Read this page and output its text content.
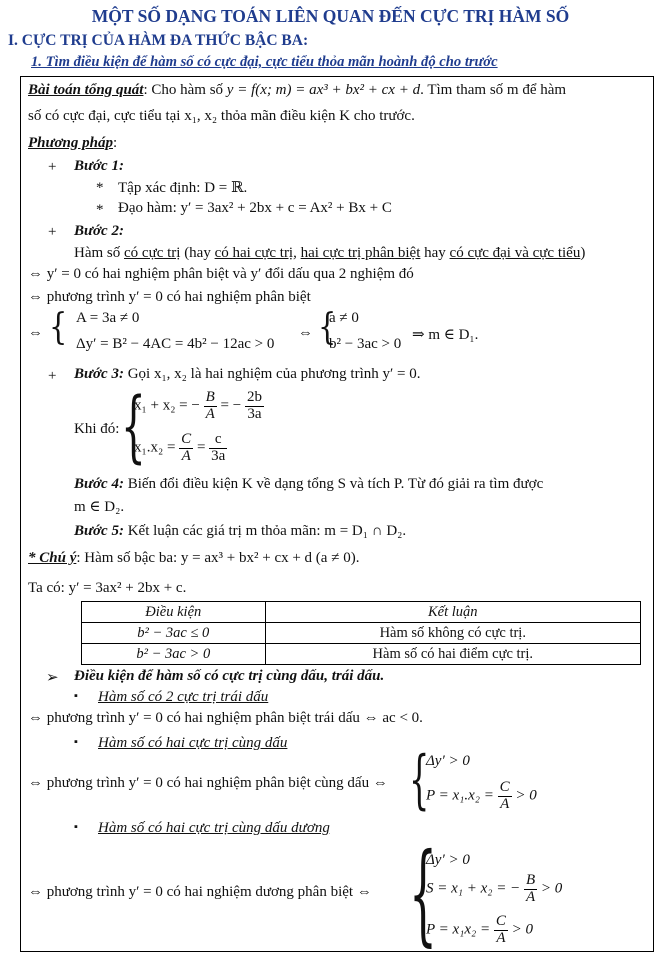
MỘT SỐ DẠNG TOÁN LIÊN QUAN ĐẾN CỰC TRỊ HÀM SỐ
I. CỰC TRỊ CỦA HÀM ĐA THỨC BẬC BA:
1. Tìm điều kiện để hàm số có cực đại, cực tiểu thỏa mãn hoành độ cho trước
Bài toán tổng quát: Cho hàm số y = f(x; m) = ax³ + bx² + cx + d. Tìm tham số m để hàm
số có cực đại, cực tiểu tại x₁, x₂ thỏa mãn điều kiện K cho trước.
Phương pháp:
+ Bước 1:
* Tập xác định: D = ℝ.
* Đạo hàm: y′ = 3ax² + 2bx + c = Ax² + Bx + C
+ Bước 2:
Hàm số có cực trị (hay có hai cực trị, hai cực trị phân biệt hay có cực đại và cực tiểu)
⇔ y′ = 0 có hai nghiệm phân biệt và y′ đổi dấu qua 2 nghiệm đó
⇔ phương trình y′ = 0 có hai nghiệm phân biệt
⇔ { A = 3a ≠ 0
Δy′ = B² − 4AC = 4b² − 12ac > 0
⇔ {
a ≠ 0
b² − 3ac > 0
⇒ m ∈ D₁.
+ Bước 3: Gọi x₁, x₂ là hai nghiệm của phương trình y′ = 0.
Khi đó: {
x₁ + x₂ = − $\frac{B}{A}$ = − $\frac{2b}{3a}$
$x_1.x_2 = \frac{C}{A} = \frac{c}{3a}$
Bước 4: Biến đổi điều kiện K về dạng tổng S và tích P. Từ đó giải ra tìm được
m ∈ D₂.
Bước 5: Kết luận các giá trị m thỏa mãn: m = D₁ ∩ D₂.
* Chú ý: Hàm số bậc ba: y = ax³ + bx² + cx + d (a ≠ 0).
Ta có: y′ = 3ax² + 2bx + c.
Điều kiện	Kết luận
b² − 3ac ≤ 0	Hàm số không có cực trị.
b² − 3ac > 0	Hàm số có hai điểm cực trị.
➢ Điều kiện để hàm số có cực trị cùng dấu, trái dấu.
▪ Hàm số có 2 cực trị trái dấu
⇔ phương trình y′ = 0 có hai nghiệm phân biệt trái dấu ⇔ ac < 0.
▪ Hàm số có hai cực trị cùng dấu
⇔ phương trình y′ = 0 có hai nghiệm phân biệt cùng dấu ⇔ {
Δy′ > 0
$P = x_1.x_2 = \frac{C}{A} > 0$
▪ Hàm số có hai cực trị cùng dấu dương
⇔ phương trình y′ = 0 có hai nghiệm dương phân biệt ⇔ {
Δy′ > 0
S = x₁ + x₂ = − $\frac{B}{A} > 0$
$P = x_1x_2 = \frac{C}{A} > 0$
